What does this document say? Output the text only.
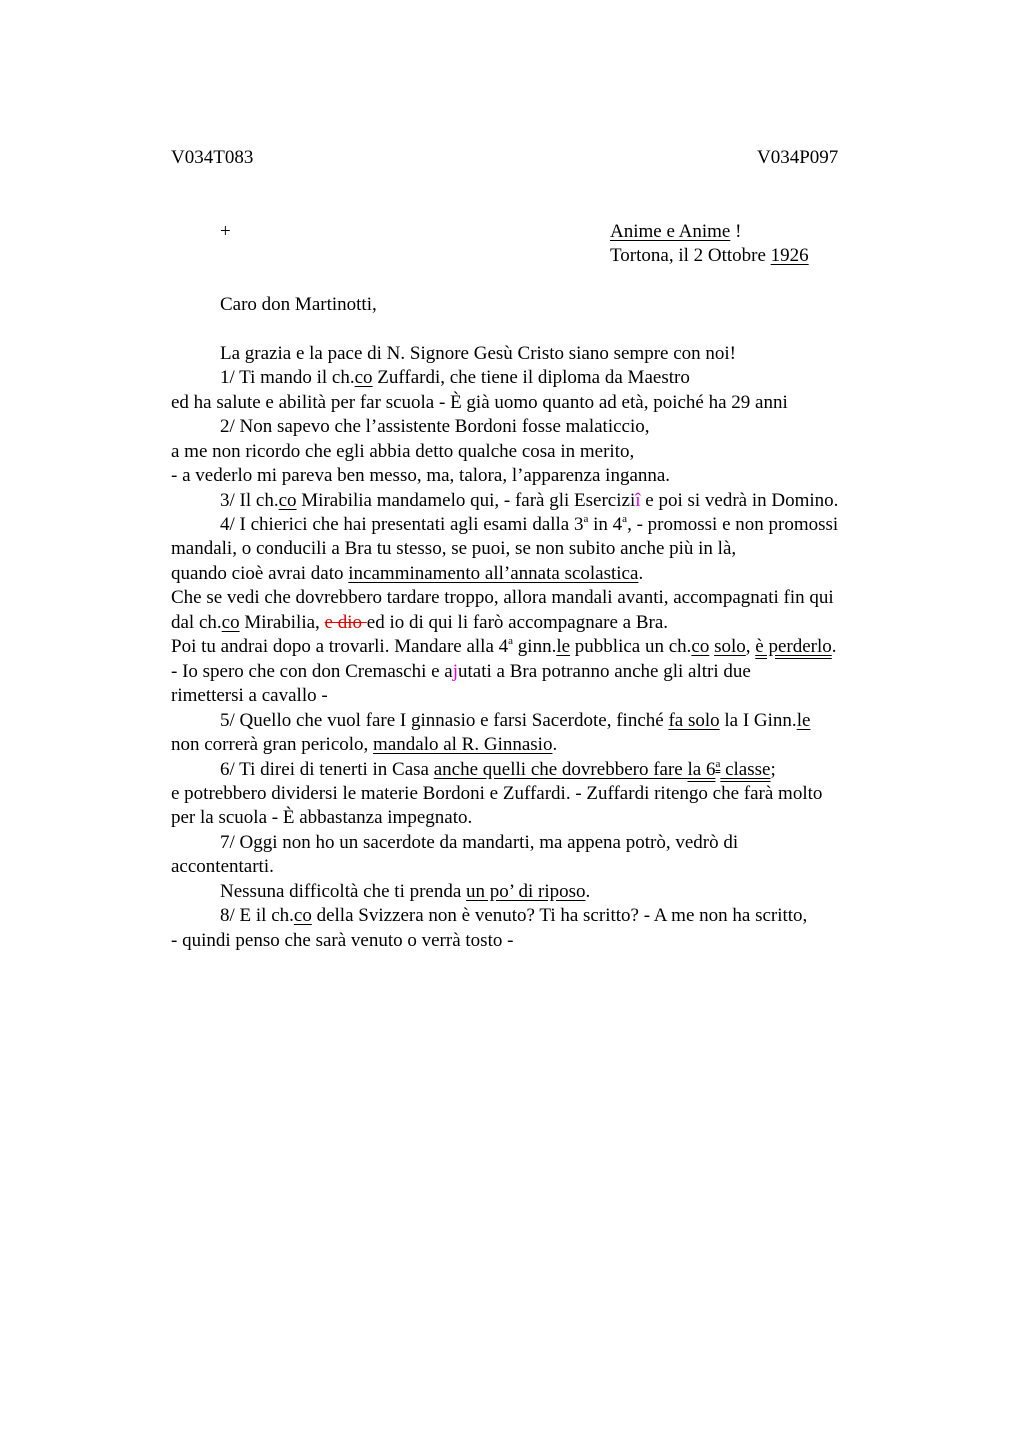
V034T083	V034P097
+	Anime e Anime !
Tortona, il 2 Ottobre 1926
Caro don Martinotti,
La grazia e la pace di N. Signore Gesù Cristo siano sempre con noi!
1/ Ti mando il ch.co Zuffardi, che tiene il diploma da Maestro
ed ha salute e abilità per far scuola - È già uomo quanto ad età, poiché ha 29 anni
2/ Non sapevo che l’assistente Bordoni fosse malaticcio,
a me non ricordo che egli abbia detto qualche cosa in merito,
- a vederlo mi pareva ben messo, ma, talora, l’apparenza inganna.
3/ Il ch.co Mirabilia mandamelo qui, - farà gli Eserciziî e poi si vedrà in Domino.
4/ I chierici che hai presentati agli esami dalla 3$^a$ in 4$^a$, - promossi e non promossi
mandali, o conducili a Bra tu stesso, se puoi, se non subito anche più in là,
quando cioè avrai dato incamminamento all’annata scolastica.
Che se vedi che dovrebbero tardare troppo, allora mandali avanti, accompagnati fin qui
dal ch.co Mirabilia, e dio ed io di qui li farò accompagnare a Bra.
Poi tu andrai dopo a trovarli. Mandare alla 4$^a$ ginn.le pubblica un ch.co solo, è perderlo.
- Io spero che con don Cremaschi e ajutati a Bra potranno anche gli altri due
rimettersi a cavallo -
5/ Quello che vuol fare I ginnasio e farsi Sacerdote, finché fa solo la I Ginn.le
non correrà gran pericolo, mandalo al R. Ginnasio.
6/ Ti direi di tenerti in Casa anche quelli che dovrebbero fare la 6$^a$ classe;
e potrebbero dividersi le materie Bordoni e Zuffardi. - Zuffardi ritengo che farà molto
per la scuola - È abbastanza impegnato.
7/ Oggi non ho un sacerdote da mandarti, ma appena potrò, vedrò di
accontentarti.
Nessuna difficoltà che ti prenda un po’ di riposo.
8/ E il ch.co della Svizzera non è venuto? Ti ha scritto? - A me non ha scritto,
- quindi penso che sarà venuto o verrà tosto -
